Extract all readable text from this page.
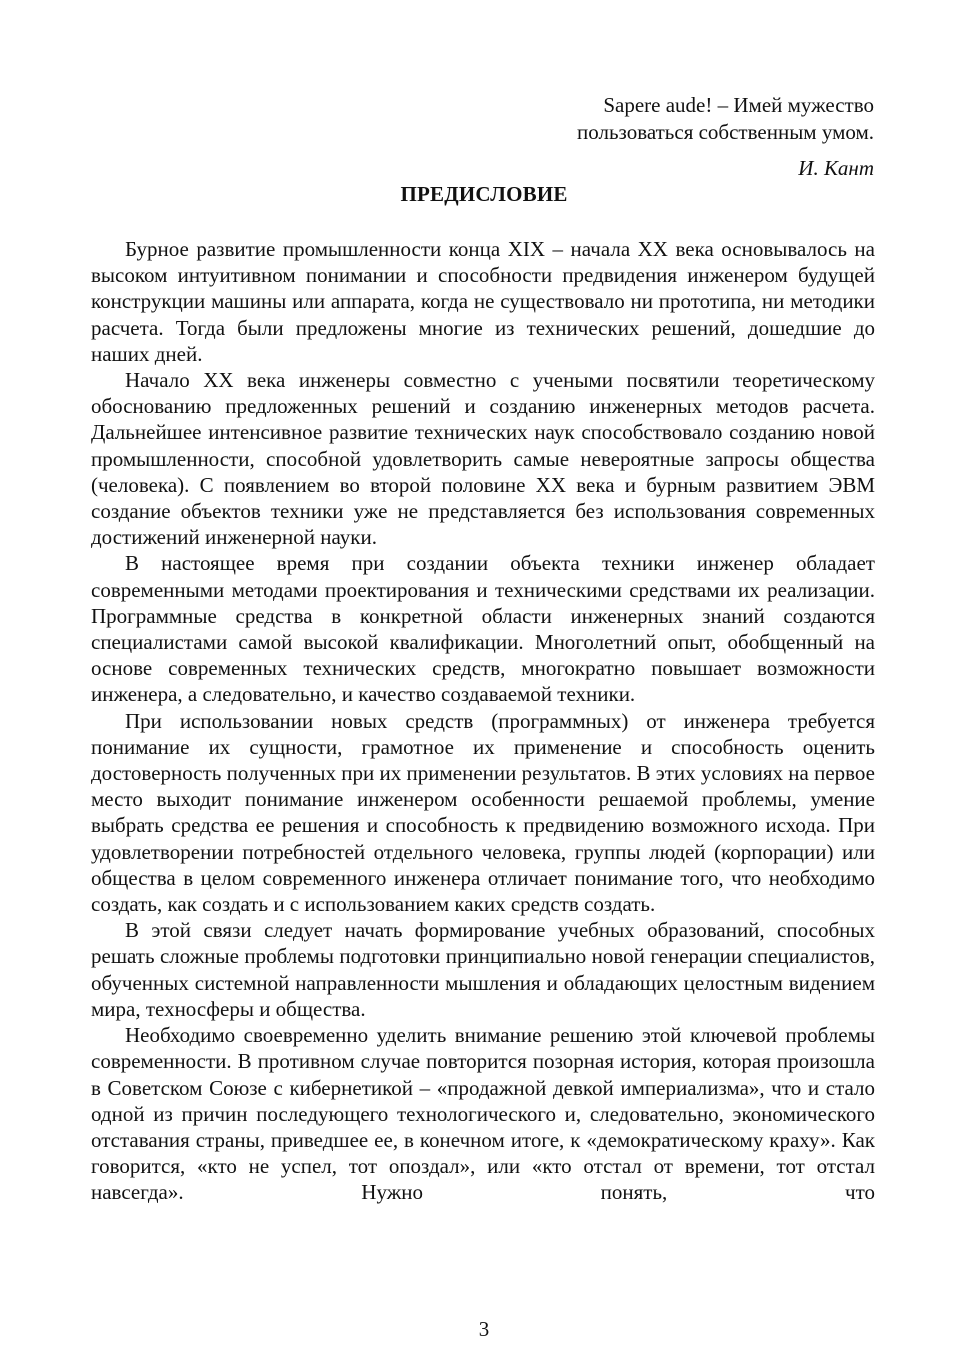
Sapere aude! – Имей мужество
пользоваться собственным умом.
И. Кант
ПРЕДИСЛОВИЕ

Бурное развитие промышленности конца XIX – начала XX века основывалось на высоком интуитивном понимании и способности предвидения инженером будущей конструкции машины или аппарата, когда не существовало ни прототипа, ни методики расчета. Тогда были предложены многие из технических решений, дошедшие до наших дней.

Начало XX века инженеры совместно с учеными посвятили теоретическому обоснованию предложенных решений и созданию инженерных методов расчета. Дальнейшее интенсивное развитие технических наук способствовало созданию новой промышленности, способной удовлетворить самые невероятные запросы общества (человека). С появлением во второй половине XX века и бурным развитием ЭВМ создание объектов техники уже не представляется без использования современных достижений инженерной науки.

В настоящее время при создании объекта техники инженер обладает современными методами проектирования и техническими средствами их реализации. Программные средства в конкретной области инженерных знаний создаются специалистами самой высокой квалификации. Многолетний опыт, обобщенный на основе современных технических средств, многократно повышает возможности инженера, а следовательно, и качество создаваемой техники.

При использовании новых средств (программных) от инженера требуется понимание их сущности, грамотное их применение и способность оценить достоверность полученных при их применении результатов. В этих условиях на первое место выходит понимание инженером особенности решаемой проблемы, умение выбрать средства ее решения и способность к предвидению возможного исхода. При удовлетворении потребностей отдельного человека, группы людей (корпорации) или общества в целом современного инженера отличает понимание того, что необходимо создать, как создать и с использованием каких средств создать.

В этой связи следует начать формирование учебных образований, способных решать сложные проблемы подготовки принципиально новой генерации специалистов, обученных системной направленности мышления и обладающих целостным видением мира, техносферы и общества.

Необходимо своевременно уделить внимание решению этой ключевой проблемы современности. В противном случае повторится позорная история, которая произошла в Советском Союзе с кибернетикой – «продажной девкой империализма», что и стало одной из причин последующего технологического и, следовательно, экономического отставания страны, приведшее ее, в конечном итоге, к «демократическому краху». Как говорится, «кто не успел, тот опоздал», или «кто отстал от времени, тот отстал навсегда». Нужно понять, что

3
